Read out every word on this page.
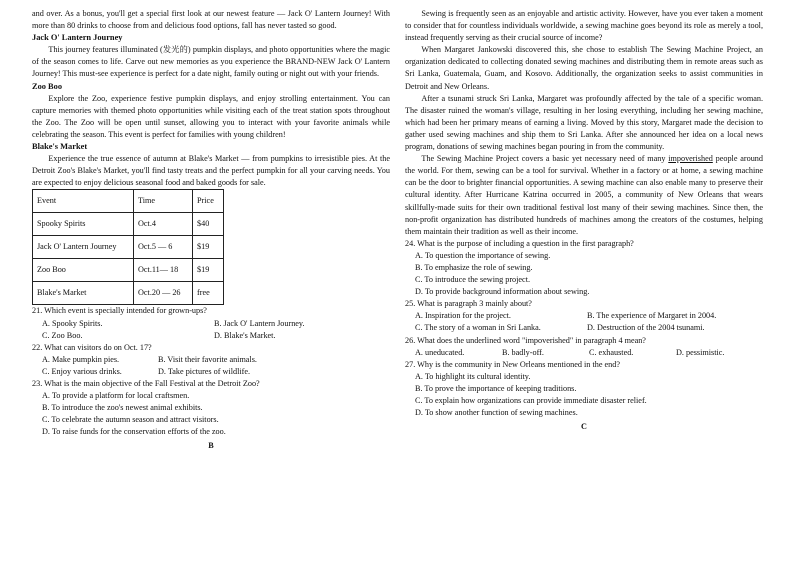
and over. As a bonus, you'll get a special first look at our newest feature — Jack O' Lantern Journey! With more than 80 drinks to choose from and delicious food options, fall has never tasted so good.

Jack O' Lantern Journey

This journey features illuminated (发光的) pumpkin displays, and photo opportunities where the magic of the season comes to life. Carve out new memories as you experience the BRAND-NEW Jack O' Lantern Journey! This must-see experience is perfect for a date night, family outing or night out with your friends.

Zoo Boo

Explore the Zoo, experience festive pumpkin displays, and enjoy strolling entertainment. You can capture memories with themed photo opportunities while visiting each of the treat station spots throughout the Zoo. The Zoo will be open until sunset, allowing you to interact with your favorite animals while celebrating the season. This event is perfect for families with young children!

Blake's Market

Experience the true essence of autumn at Blake's Market — from pumpkins to irresistible pies. At the Detroit Zoo's Blake's Market, you'll find tasty treats and the perfect pumpkin for all your carving needs. You are expected to enjoy delicious seasonal food and baked goods for sale.

Event	Time	Price
Spooky Spirits	Oct.4	$40
Jack O' Lantern Journey	Oct.5 — 6	$19
Zoo Boo	Oct.11— 18	$19
Blake's Market	Oct.20 — 26	free

21. Which event is specially intended for grown-ups?

A. Spooky Spirits.	B. Jack O' Lantern Journey.
C. Zoo Boo.	D. Blake's Market.

22. What can visitors do on Oct. 17?

A. Make pumpkin pies.	B. Visit their favorite animals.
C. Enjoy various drinks.	D. Take pictures of wildlife.

23. What is the main objective of the Fall Festival at the Detroit Zoo?

A. To provide a platform for local craftsmen.

B. To introduce the zoo's newest animal exhibits.

C. To celebrate the autumn season and attract visitors.

D. To raise funds for the conservation efforts of the zoo.

B

Sewing is frequently seen as an enjoyable and artistic activity. However, have you ever taken a moment to consider that for countless individuals worldwide, a sewing machine goes beyond its role as merely a tool, instead frequently serving as their crucial source of income?

When Margaret Jankowski discovered this, she chose to establish The Sewing Machine Project, an organization dedicated to collecting donated sewing machines and distributing them in remote areas such as Sri Lanka, Guatemala, Guam, and Kosovo. Additionally, the organization seeks to assist communities in Detroit and New Orleans.

After a tsunami struck Sri Lanka, Margaret was profoundly affected by the tale of a specific woman. The disaster ruined the woman's village, resulting in her losing everything, including her sewing machine, which had been her primary means of earning a living. Moved by this story, Margaret made the decision to gather used sewing machines and ship them to Sri Lanka. After she announced her idea on a local news program, donations of sewing machines began pouring in from the community.

The Sewing Machine Project covers a basic yet necessary need of many impoverished people around the world. For them, sewing can be a tool for survival. Whether in a factory or at home, a sewing machine can be the door to brighter financial opportunities. A sewing machine can also enable many to preserve their cultural identity. After Hurricane Katrina occurred in 2005, a community of New Orleans that wears skillfully-made suits for their own traditional festival lost many of their sewing machines. Since then, the non-profit organization has distributed hundreds of machines among the creators of the costumes, helping them maintain their tradition as well as their income.

24. What is the purpose of including a question in the first paragraph?

A. To question the importance of sewing.

B. To emphasize the role of sewing.

C. To introduce the sewing project.

D. To provide background information about sewing.

25. What is paragraph 3 mainly about?

A. Inspiration for the project.	B. The experience of Margaret in 2004.
C. The story of a woman in Sri Lanka.	D. Destruction of the 2004 tsunami.

26. What does the underlined word "impoverished" in paragraph 4 mean?

A. uneducated.	B. badly-off.	C. exhausted.	D. pessimistic.

27. Why is the community in New Orleans mentioned in the end?

A. To highlight its cultural identity.

B. To prove the importance of keeping traditions.

C. To explain how organizations can provide immediate disaster relief.

D. To show another function of sewing machines.

C
